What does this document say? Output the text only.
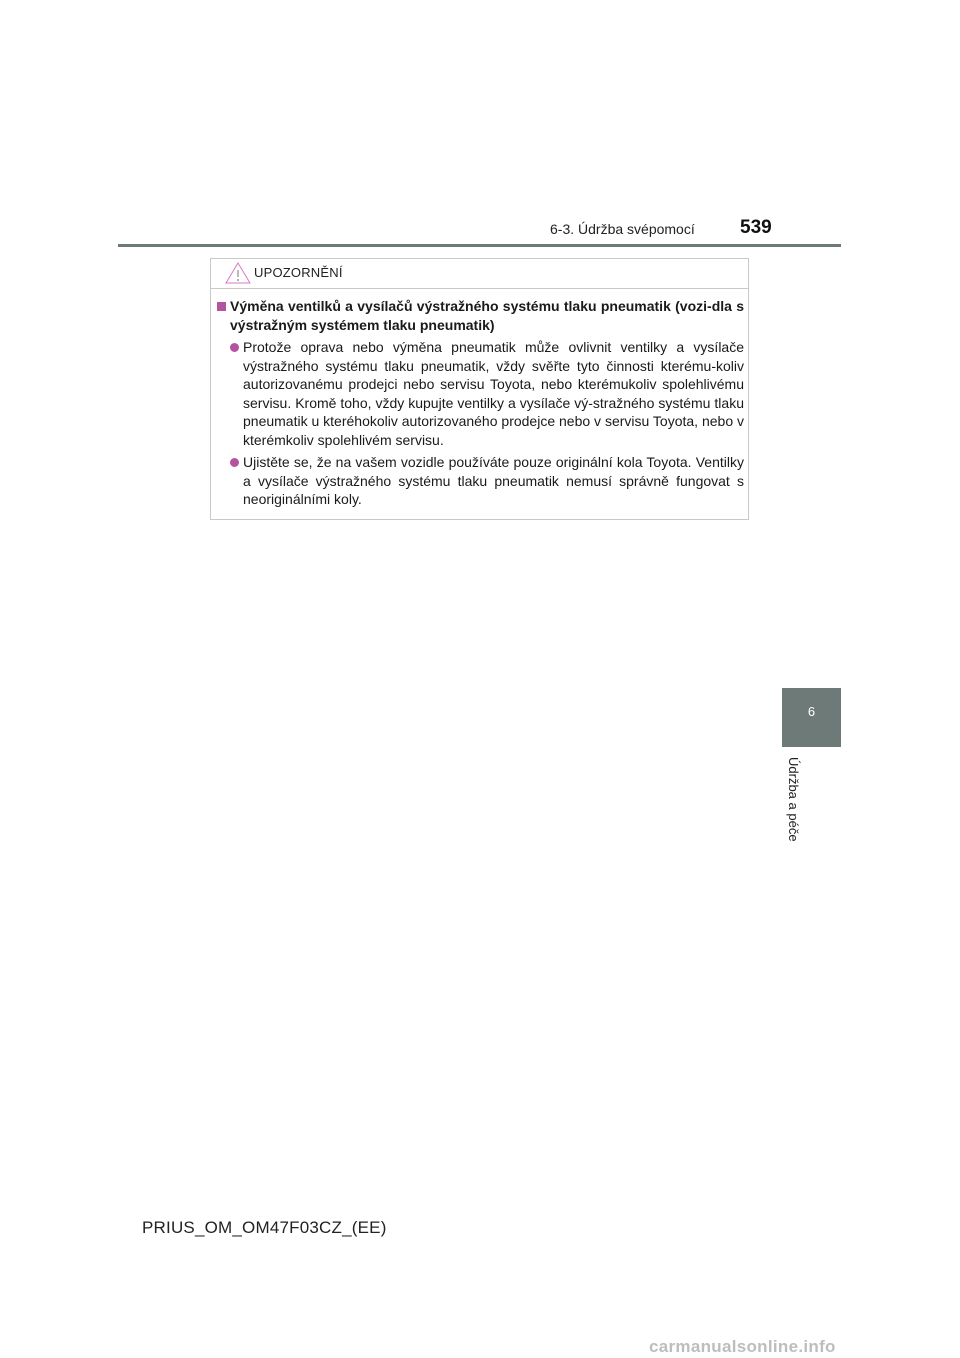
6-3. Údržba svépomocí 539
UPOZORNĚNÍ
Výměna ventilků a vysílačů výstražného systému tlaku pneumatik (vozi-dla s výstražným systémem tlaku pneumatik)
Protože oprava nebo výměna pneumatik může ovlivnit ventilky a vysílače výstražného systému tlaku pneumatik, vždy svěřte tyto činnosti kterému-koliv autorizovanému prodejci nebo servisu Toyota, nebo kterémukoliv spolehlivému servisu. Kromě toho, vždy kupujte ventilky a vysílače vý-stražného systému tlaku pneumatik u kteréhokoliv autorizovaného prodejce nebo v servisu Toyota, nebo v kterémkoliv spolehlivém servisu.
Ujistěte se, že na vašem vozidle používáte pouze originální kola Toyota. Ventilky a vysílače výstražného systému tlaku pneumatik nemusí správně fungovat s neoriginálními koly.
6
Údržba a péče
PRIUS_OM_OM47F03CZ_(EE)
carmanualsonline.info
